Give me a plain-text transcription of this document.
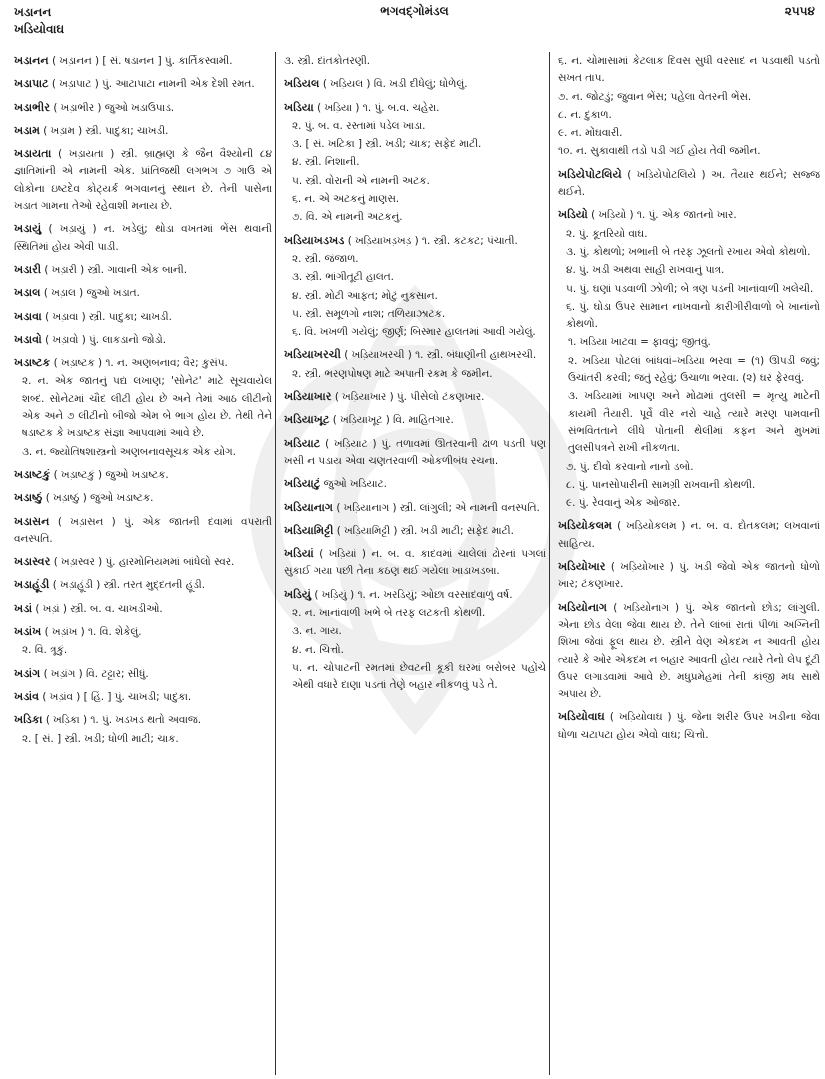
ખડાનન
ખડિયોવાઘ
ભગવદ્ગોમંડલ	૨૫૫૪
ખડાનન ( ખડ઼ાનન ) [ સં. ષડાનન ] પું. કાર્તિકસ્વામી.
ખડાપાટ ( ખડ઼ાપાટ ) પું. આટાપાટા નામની એક દેશી રમત.
ખડાભીર ( ખડ઼ાભીર ) જુઓ ખડાઉપાડ.
ખડામ ( ખડ઼ામ ) સ્ત્રી. પાદુકા; ચાખડી.
ખડાયતા ( ખડ઼ાયતા ) સ્ત્રી. બ્રાહ્મણ કે જૈન વૈશ્યોની ૮૪ જ્ઞાતિમાંની એ નામની એક. પ્રાંતિજથી લગભગ ૭ ગાઉ એ લોકોના ઇષ્ટદેવ કોટ્યર્ક ભગવાનનું સ્થાન છે. તેની પાસેના ખડાત ગામના તેઓ રહેવાશી મનાય છે.
ખડાયું ( ખડ઼ાયું ) ન. ખડેલું; થોડા વખતમાં ભેંસ થવાની સ્થિતિમાં હોય એવી પાડી.
ખડારી ( ખડ઼ારી ) સ્ત્રી. ગાવાની એક બાની.
ખડાલ ( ખડ઼ાલ ) જુઓ ખડાત.
ખડાવા ( ખડ઼ાવા ) સ્ત્રી. પાદુકા; ચાખડી.
ખડાવો ( ખડ઼ાવો ) પું. લાકડાનો જોડો.
ખડાષ્ટક ( ખડ઼ાષ્ટક ) ૧. ન. અણબનાવ; વૈર; કુસંપ.
૨. ન. એક જાતનું પદ્ય લખાણ; 'સોનેટ' માટે સૂચવાયેલ શબ્દ. સોનેટમાં ચૌદ લીટી હોય છે અને તેમાં આઠ લીટીનો એક અને ૭ લીટીનો બીજો એમ બે ભાગ હોય છે. તેથી તેને ષડાષ્ટક કે ખડાષ્ટક સંજ્ઞા આપવામાં આવે છે.
૩. ન. જ્યોતિષશાસ્ત્રનો અણબનાવસૂચક એક યોગ.
ખડાષ્ટકું ( ખડ઼ાષ્ટકું ) જુઓ ખડાષ્ટક.
ખડાષ્ઠું ( ખડ઼ાષ્ઠું ) જુઓ ખડાષ્ટક.
ખડાસન ( ખડ઼ાસન ) પું. એક જાતની દવામાં વપરાતી વનસ્પતિ.
ખડાસ્વર ( ખડ઼ાસ્વર ) પું. હારમોનિયમમાં બાંધેલો સ્વર.
ખડાહૂંડી ( ખડ઼ાહૂંડી ) સ્ત્રી. તરત મુદ્દતની હૂંડી.
ખડાં ( ખડ઼ાં ) સ્ત્રી. બ. વ. ચાખડીઓ.
ખડાંખ ( ખડ઼ાંખ ) ૧. વિ. શેકેલું.
૨. વિ. ત્રૂકું.
ખડાંગ ( ખડ઼ાંગ ) વિ. ટટ્ટાર; સીધું.
ખડાંવ ( ખડ઼ાંવ ) [ હિં. ] પું. ચાખડી; પાદુકા.
ખડિકા ( ખડ઼િકા ) ૧. પું. ખડખડ થતો અવાજ.
૨. [ સં. ] સ્ત્રી. ખડી; ધોળી માટી; ચાક.
૩. સ્ત્રી. દાંતકોતરણી.
ખડિયલ ( ખડ઼િયલ ) વિ. ખડી દીધેલું; ધોળેલું.
ખડિયા ( ખડ઼િયા ) ૧. પું. બ.વ. ચહેરા.
૨. પું. બ. વ. રસ્તામાં પડેલ ખાડા.
૩. [ સં. ખટિકા ] સ્ત્રી. ખડી; ચાક; સફેદ માટી.
૪. સ્ત્રી. નિશાની.
૫. સ્ત્રી. વોરાની એ નામની અટક.
૬. ન. એ અટકનું માણસ.
૭. વિ. એ નામની અટકનું.
ખડિયાખડખડ ( ખડ઼િયાખડ઼ખડ઼ ) ૧. સ્ત્રી. કટકટ; પંચાતી.
૨. સ્ત્રી. જંજાળ.
૩. સ્ત્રી. ભાંગીતૂટી હાલત.
૪. સ્ત્રી. મોટી આફત; મોટું નુકસાન.
૫. સ્ત્રી. સમૂળગો નાશ; તળિયાઝાટક.
૬. વિ. ખખળી ગયેલું; જીર્ણ; બિસ્માર હાલતમાં આવી ગયેલું.
ખડિયાખરચી ( ખડ઼િયાખરચી ) ૧. સ્ત્રી. બંધાણીની હાથખરચી.
૨. સ્ત્રી. ભરણપોષણ માટે અપાતી રકમ કે જમીન.
ખડિયાખાર ( ખડ઼િયાખાર ) પું. પીસેલો ટંકણખાર.
ખડિયાખૂટ ( ખડ઼િયાખૂટ ) વિ. માહિતગાર.
ખડિયાટ ( ખડ઼િયાટ ) પું. તળાવમાં ઊતરવાની ઢાળ પડતી પણ ખસી ન પડાય એવા ચણતરવાળી ઓકળીબંધ રચના.
ખડિયાટું જુઓ ખડિયાટ.
ખડિયાનાગ ( ખડ઼િયાનાગ ) સ્ત્રી. લાંગુલી; એ નામની વનસ્પતિ.
ખડિયામિટ્ટી ( ખડ઼િયામિટ્ટી ) સ્ત્રી. ખડી માટી; સફેદ માટી.
ખડિયાં ( ખડ઼િયાં ) ન. બ. વ. કાદવમાં ચાલેલાં ઢોરનાં પગલાં સુકાઈ ગયા પછી તેના કઠણ થઈ ગયેલા ખાડાખડબા.
ખડિયું ( ખડ઼િયું ) ૧. ન. ખરડિયું; ઓછા વરસાદવાળું વર્ષ.
૨. ન. ખાનાંવાળી ખભે બે તરફ લટકતી કોથળી.
૩. ન. ગાય.
૪. ન. ચિત્તો.
૫. ન. ચોપાટની રમતમાં છેવટની કૂકી ઘરમાં બરોબર પહોંચે એથી વધારે દાણા પડતાં તેણે બહાર નીકળવું પડે તે.
૬. ન. ચોમાસામાં કેટલાક દિવસ સુધી વરસાદ ન પડવાથી પડતો સખત તાપ.
૭. ન. જોટડું; જુવાન ભેંસ; પહેલા વેતરની ભેંસ.
૮. ન. દુકાળ.
૯. ન. મોંઘવારી.
૧૦. ન. સુકાવાથી તડો પડી ગઈ હોય તેવી જમીન.
ખડિયેપોટલિયે ( ખડ઼િયેપોટલિયે ) અ. તૈયાર થઈને; સજ્જ થઈને.
ખડિયો ( ખડ઼િયો ) ૧. પું. એક જાતનો ખાર.
૨. પું. કૂતરિયો વાઘ.
૩. પું. કોથળો; ખભાની બે તરફ ઝૂલતો રખાય એવો કોથળો.
૪. પું. ખડી અથવા સાહી રાખવાનું પાત્ર.
૫. પું. ઘણાં પડવાળી ઝોળી; બે ત્રણ પડની ખાનાંવાળી ખલેચી.
૬. પું. ઘોડા ઉપર સામાન નાખવાનો કારીગીરીવાળો બે ખાનાંનો કોથળો.
૧. ખડિયા ખાટવા = ફાવવું; જીતવું.
૨. ખડિયા પોટલાં બાંધવાં–ખડિયા ભરવા = (૧) ઊપડી જવું; ઉચાંતરી કરવી; જતું રહેવું; ઉચાળા ભરવા. (૨) ઘર ફેરવવું.
૩. ખડિયામાં ખાપણ અને મોઢામાં તુલસી = મૃત્યુ માટેની કાયમી તૈયારી. પૂર્વે વીર નરો ચાહે ત્યારે મરણ પામવાની સંભવિતતાને લીધે પોતાની થેલીમાં કફન અને મુખમાં તુલસીપત્રને રાખી નીકળતા.
૭. પું. દીવો કરવાનો નાનો ડબો.
૮. પું. પાનસોપારીની સામગ્રી રાખવાની કોથળી.
૯. પું. રેવવાનું એક ઓજાર.
ખડિયોકલમ ( ખડ઼િયોકલમ ) ન. બ. વ. દોતકલમ; લખવાનાં સાહિત્ય.
ખડિયોખાર ( ખડ઼િયોખાર ) પું. ખડી જેવો એક જાતનો ધોળો ખાર; ટંકણખાર.
ખડિયોનાગ ( ખડ઼િયોનાગ ) પું. એક જાતનો છોડ; લાંગુલી. એના છોડ વેલા જેવા થાય છે. તેને લાંબાં રાતાં પીળાં અગ્નિની શિખા જેવાં ફૂલ થાય છે. સ્ત્રીને વેણ એકદમ ન આવતી હોય ત્યારે કે ઓર એકદમ ન બહાર આવતી હોય ત્યારે તેનો લેપ દૂંટી ઉપર લગાડવામાં આવે છે. મધુપ્રમેહમાં તેની કાંજી મધ સાથે અપાય છે.
ખડિયોવાઘ ( ખડ઼િયોવાઘ ) પું. જેના શરીર ઉપર ખડીના જેવા ધોળા ચટાપટા હોય એવો વાઘ; ચિત્તો.
